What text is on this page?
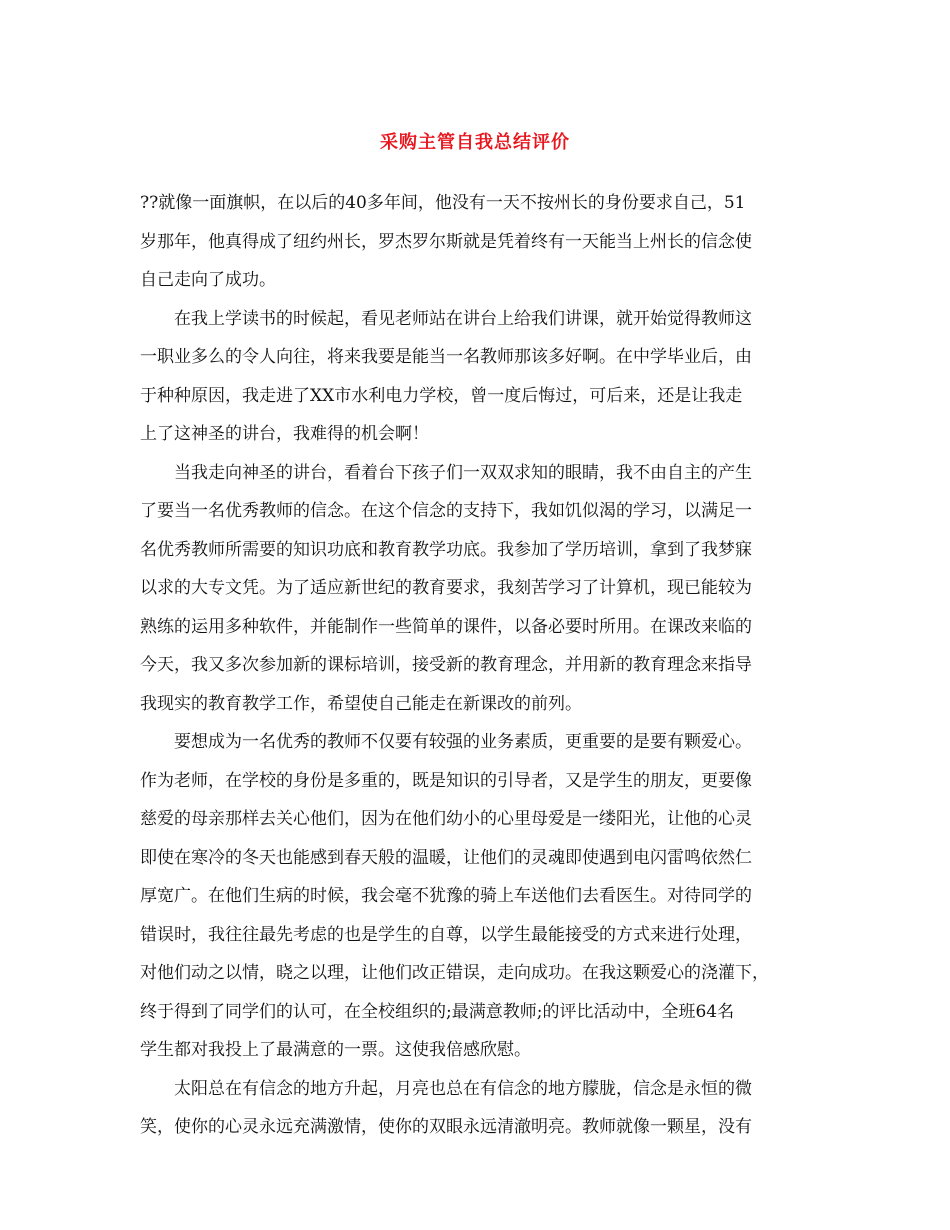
采购主管自我总结评价
??就像一面旗帜，在以后的40多年间，他没有一天不按州长的身份要求自己，51
岁那年，他真得成了纽约州长，罗杰罗尔斯就是凭着终有一天能当上州长的信念使
自己走向了成功。
在我上学读书的时候起，看见老师站在讲台上给我们讲课，就开始觉得教师这
一职业多么的令人向往，将来我要是能当一名教师那该多好啊。在中学毕业后，由
于种种原因，我走进了XX市水利电力学校，曾一度后悔过，可后来，还是让我走
上了这神圣的讲台，我难得的机会啊！
当我走向神圣的讲台，看着台下孩子们一双双求知的眼睛，我不由自主的产生
了要当一名优秀教师的信念。在这个信念的支持下，我如饥似渴的学习，以满足一
名优秀教师所需要的知识功底和教育教学功底。我参加了学历培训，拿到了我梦寐
以求的大专文凭。为了适应新世纪的教育要求，我刻苦学习了计算机，现已能较为
熟练的运用多种软件，并能制作一些简单的课件，以备必要时所用。在课改来临的
今天，我又多次参加新的课标培训，接受新的教育理念，并用新的教育理念来指导
我现实的教育教学工作，希望使自己能走在新课改的前列。
要想成为一名优秀的教师不仅要有较强的业务素质，更重要的是要有颗爱心。
作为老师，在学校的身份是多重的，既是知识的引导者，又是学生的朋友，更要像
慈爱的母亲那样去关心他们，因为在他们幼小的心里母爱是一缕阳光，让他的心灵
即使在寒冷的冬天也能感到春天般的温暖，让他们的灵魂即使遇到电闪雷鸣依然仁
厚宽广。在他们生病的时候，我会毫不犹豫的骑上车送他们去看医生。对待同学的
错误时，我往往最先考虑的也是学生的自尊，以学生最能接受的方式来进行处理，
对他们动之以情，晓之以理，让他们改正错误，走向成功。在我这颗爱心的浇灌下，
终于得到了同学们的认可，在全校组织的;最满意教师;的评比活动中，全班64名
学生都对我投上了最满意的一票。这使我倍感欣慰。
太阳总在有信念的地方升起，月亮也总在有信念的地方朦胧，信念是永恒的微
笑，使你的心灵永远充满激情，使你的双眼永远清澈明亮。教师就像一颗星，没有
